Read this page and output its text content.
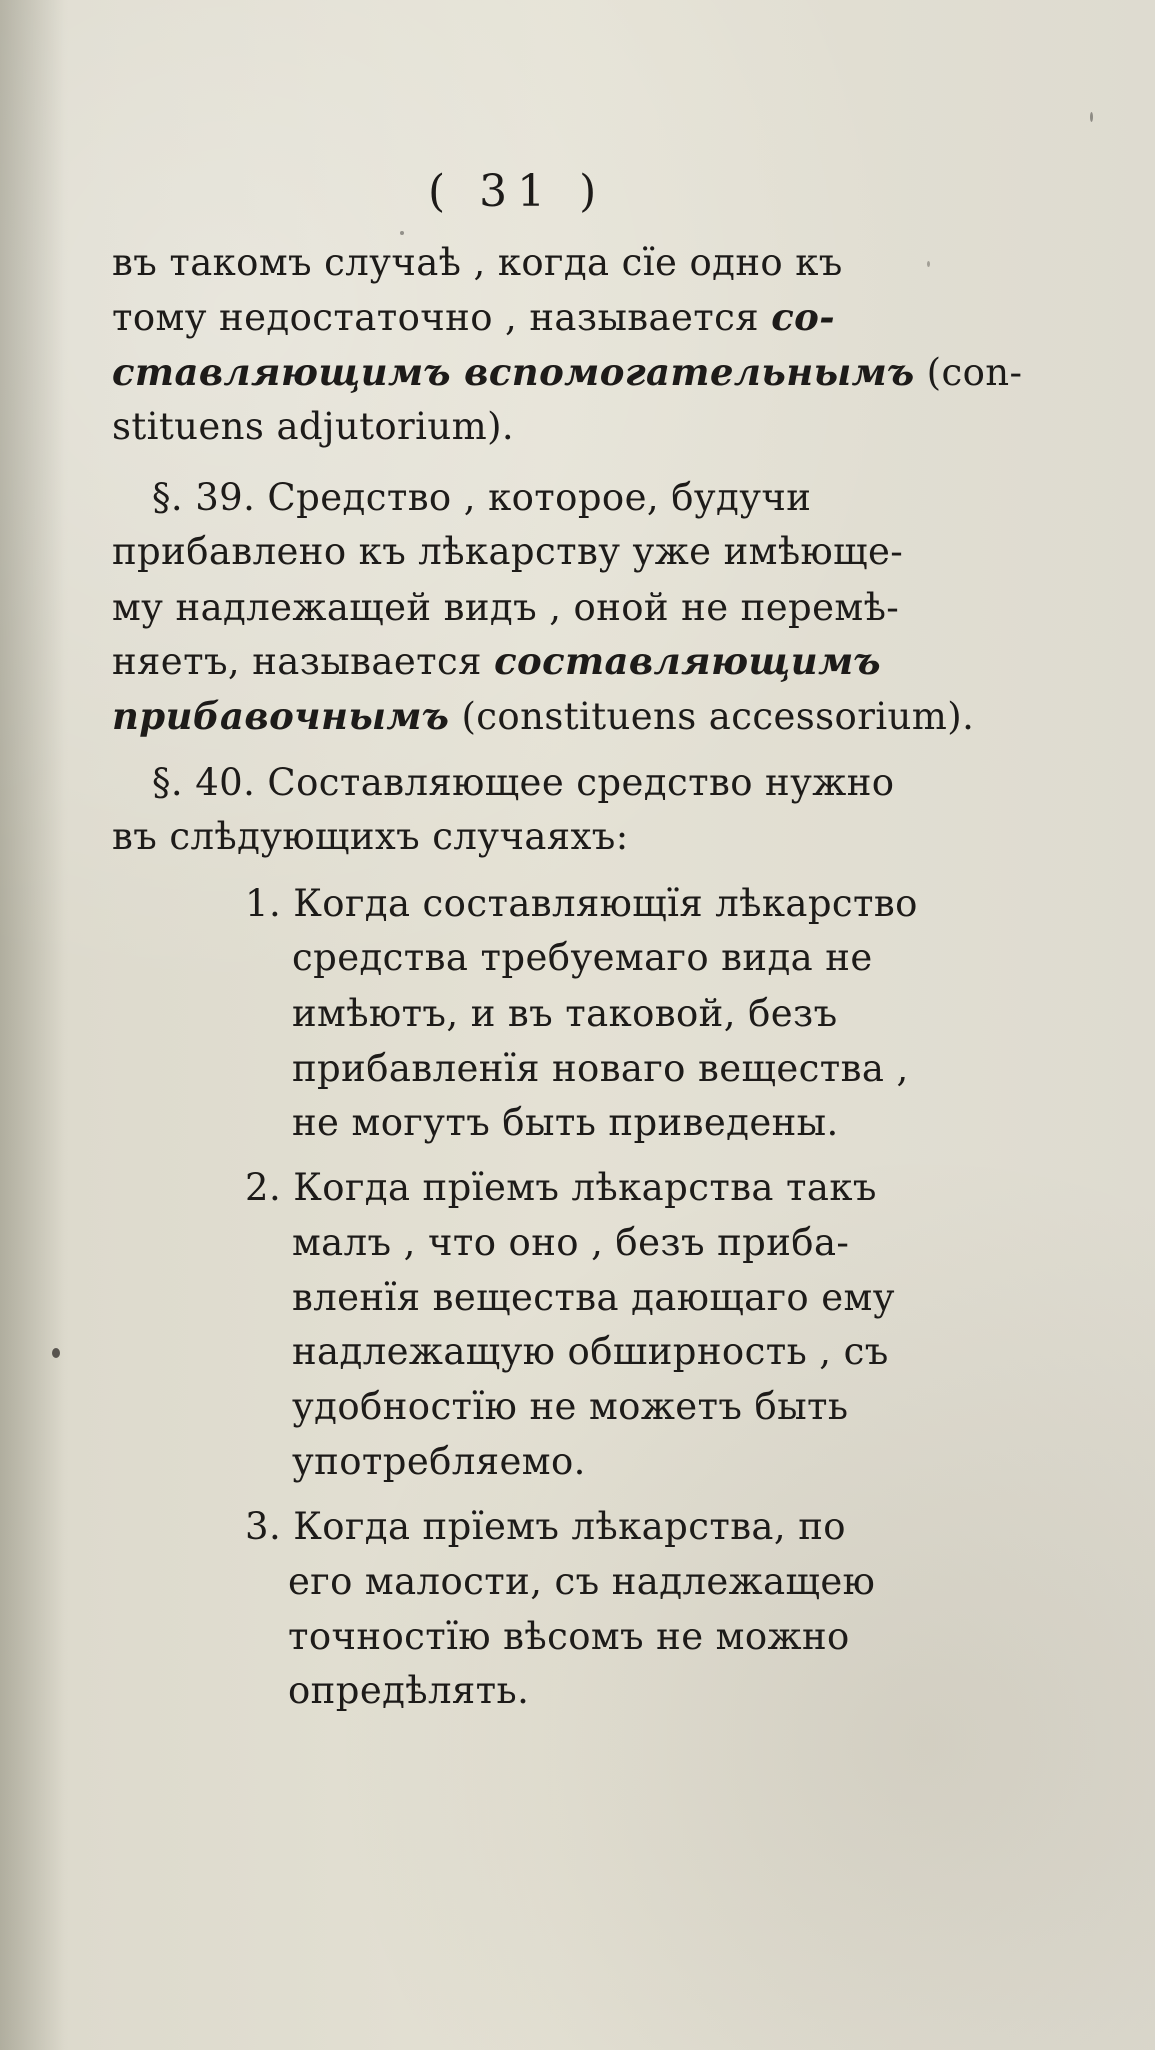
( 31 )
въ такомъ случаѣ , когда сїе одно къ
тому недостаточно , называется со-
ставляющимъ вспомогательнымъ (con-
stituens adjutorium).
§. 39. Средство , которое, будучи
прибавлено къ лѣкарству уже имѣюще-
му надлежащей видъ , оной не перемѣ-
няетъ, называется составляющимъ
прибавочнымъ (constituens accessorium).
§. 40. Составляющее средство нужно
въ слѣдующихъ случаяхъ:
1. Когда составляющїя лѣкарство
средства требуемаго вида не
имѣютъ, и въ таковой, безъ
прибавленїя новаго вещества ,
не могутъ быть приведены.
2. Когда прїемъ лѣкарства такъ
малъ , что оно , безъ приба-
вленїя вещества дающаго ему
надлежащую обширность , съ
удобностїю не можетъ быть
употребляемо.
3. Когда прїемъ лѣкарства, по
его малости, съ надлежащею
точностїю вѣсомъ не можно
опредѣлять.
